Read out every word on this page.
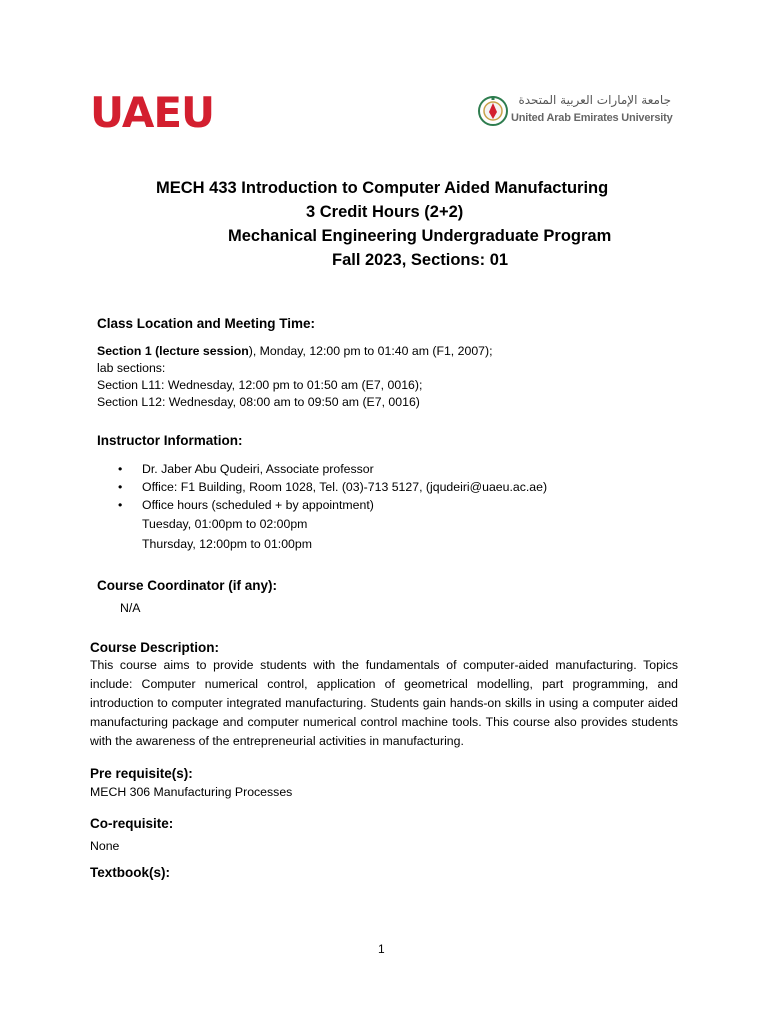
UAEU	جامعة الإمارات العربية المتحدة
United Arab Emirates University
MECH 433 Introduction to Computer Aided Manufacturing
3 Credit Hours (2+2)
Mechanical Engineering Undergraduate Program
Fall 2023, Sections: 01
Class Location and Meeting Time:
Section 1 (lecture session), Monday, 12:00 pm to 01:40 am (F1, 2007);
lab sections:
Section L11: Wednesday, 12:00 pm to 01:50 am (E7, 0016);
Section L12: Wednesday, 08:00 am to 09:50 am (E7, 0016)
Instructor Information:
• Dr. Jaber Abu Qudeiri, Associate professor
• Office: F1 Building, Room 1028, Tel. (03)-713 5127, (jqudeiri@uaeu.ac.ae)
• Office hours (scheduled + by appointment)
Tuesday, 01:00pm to 02:00pm
Thursday, 12:00pm to 01:00pm
Course Coordinator (if any):
N/A
Course Description:
This course aims to provide students with the fundamentals of computer-aided manufacturing. Topics include: Computer numerical control, application of geometrical modelling, part programming, and introduction to computer integrated manufacturing. Students gain hands-on skills in using a computer aided manufacturing package and computer numerical control machine tools. This course also provides students with the awareness of the entrepreneurial activities in manufacturing.
Pre requisite(s):
MECH 306 Manufacturing Processes
Co-requisite:
None
Textbook(s):
1
